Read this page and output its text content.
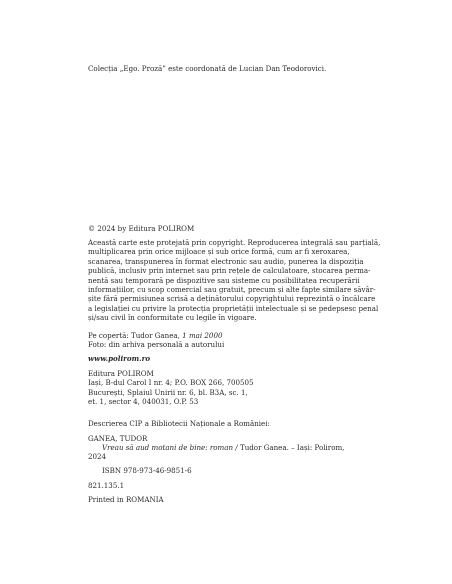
Colecția „Ego. Proză” este coordonată de Lucian Dan Teodorovici.
© 2024 by Editura POLIROM
Această carte este protejată prin copyright. Reproducerea integrală sau parțială,
multiplicarea prin orice mijloace și sub orice formă, cum ar fi xeroxarea,
scanarea, transpunerea în format electronic sau audio, punerea la dispoziția
publică, inclusiv prin internet sau prin rețele de calculatoare, stocarea perma-
nentă sau temporară pe dispozitive sau sisteme cu posibilitatea recuperării
informațiilor, cu scop comercial sau gratuit, precum și alte fapte similare săvâr-
șite fără permisiunea scrisă a deținătorului copyrightului reprezintă o încălcare
a legislației cu privire la protecția proprietății intelectuale și se pedepsesc penal
și/sau civil în conformitate cu legile în vigoare.
Pe copertă: Tudor Ganea, 1 mai 2000
Foto: din arhiva personală a autorului
www.polirom.ro
Editura POLIROM
Iași, B-dul Carol I nr. 4; P.O. BOX 266, 700505
București, Splaiul Unirii nr. 6, bl. B3A, sc. 1,
et. 1, sector 4, 040031, O.P. 53
Descrierea CIP a Bibliotecii Naționale a României:
GANEA, TUDOR
Vreau să aud motani de bine: roman / Tudor Ganea. – Iași: Polirom,
2024
ISBN 978-973-46-9851-6
821.135.1
Printed in ROMANIA
